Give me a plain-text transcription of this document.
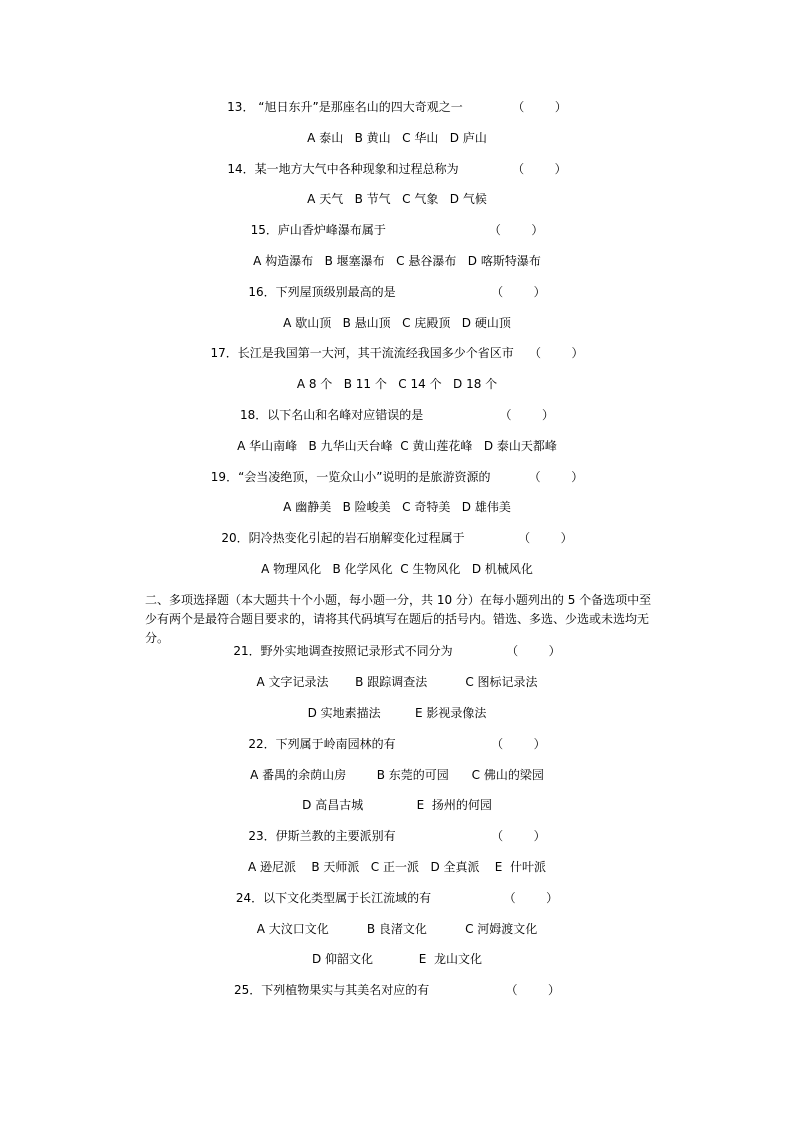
13． “旭日东升”是那座名山的四大奇观之一	（        ）
A 泰山   B 黄山   C 华山   D 庐山
14．某一地方大气中各种现象和过程总称为	（        ）
A 天气   B 节气   C 气象   D 气候
15．庐山香炉峰瀑布属于	（        ）
A 构造瀑布   B 堰塞瀑布   C 悬谷瀑布   D 喀斯特瀑布
16．下列屋顶级别最高的是	（        ）
A 歇山顶   B 悬山顶   C 庑殿顶   D 硬山顶
17．长江是我国第一大河，其干流流经我国多少个省区市 （        ）
A 8 个   B 11 个   C 14 个   D 18 个
18．以下名山和名峰对应错误的是	（        ）
A 华山南峰   B 九华山天台峰  C 黄山莲花峰   D 泰山天都峰
19．“会当凌绝顶，一览众山小”说明的是旅游资源的	（        ）
A 幽静美   B 险峻美   C 奇特美   D 雄伟美
20．阴冷热变化引起的岩石崩解变化过程属于	（        ）
A 物理风化   B 化学风化  C 生物风化   D 机械风化
二、多项选择题（本大题共十个小题，每小题一分，共 10 分）在每小题列出的 5 个备选项中至少有两个是最符合题目要求的，请将其代码填写在题后的括号内。错选、多选、少选或未选均无分。
21．野外实地调查按照记录形式不同分为	（        ）
A 文字记录法       B 跟踪调查法          C 图标记录法
D 实地素描法         E 影视录像法
22．下列属于岭南园林的有	（        ）
A 番禺的余荫山房        B 东莞的可园      C 佛山的梁园
D 高昌古城              E  扬州的何园
23．伊斯兰教的主要派别有	（        ）
A 逊尼派    B 天师派   C 正一派   D 全真派    E  什叶派
24．以下文化类型属于长江流域的有	（        ）
A 大汶口文化          B 良渚文化          C 河姆渡文化
D 仰韶文化            E  龙山文化
25．下列植物果实与其美名对应的有	（        ）
